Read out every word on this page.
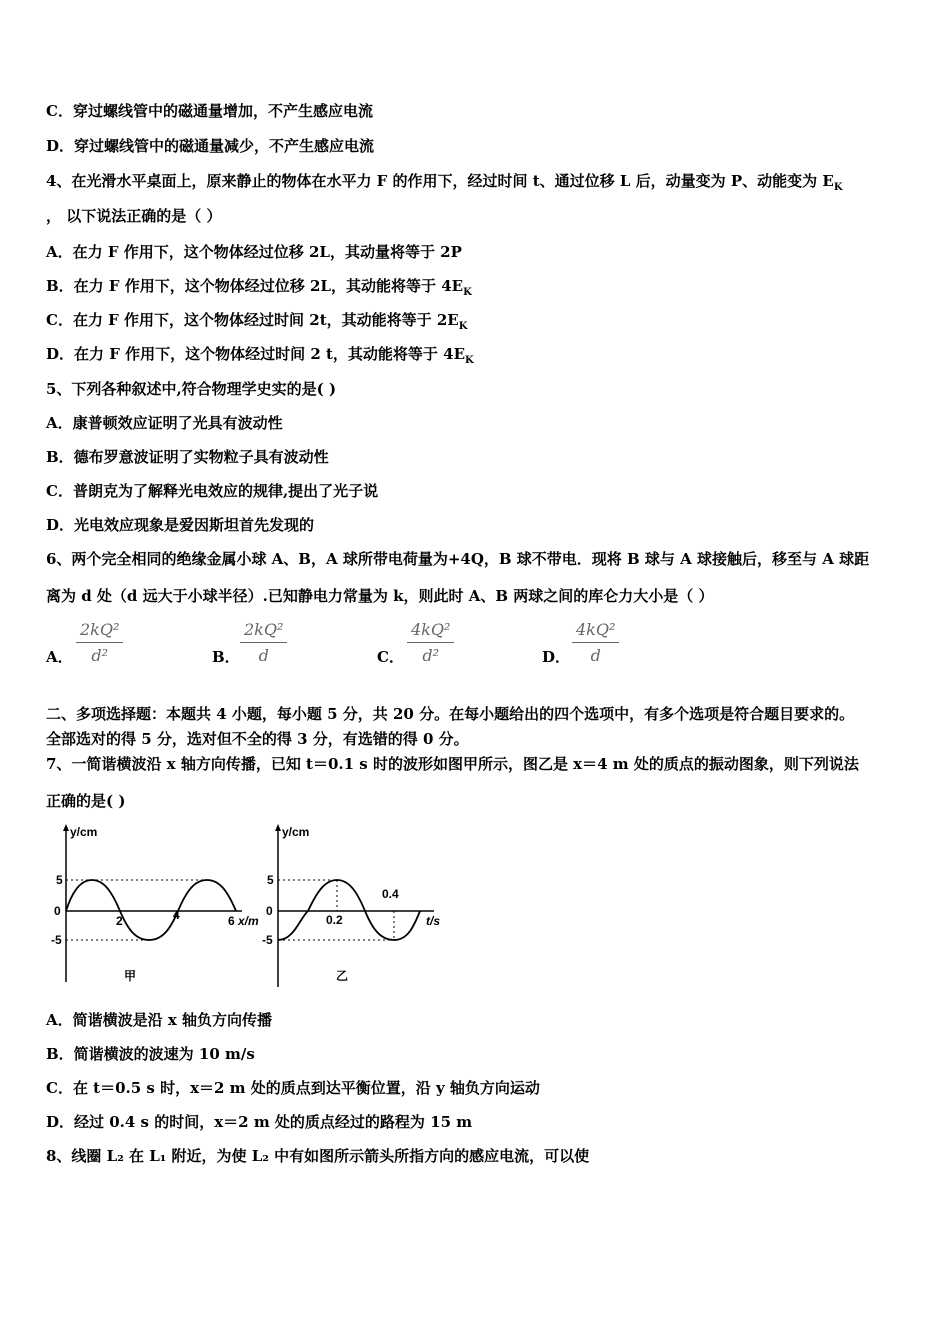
C．穿过螺线管中的磁通量增加，不产生感应电流
D．穿过螺线管中的磁通量减少，不产生感应电流
4、在光滑水平桌面上，原来静止的物体在水平力 F 的作用下，经过时间 t、通过位移 L 后，动量变为 P、动能变为 $E_K$
， 以下说法正确的是（ ）
A．在力 F 作用下，这个物体经过位移 2L，其动量将等于 2P
B．在力 F 作用下，这个物体经过位移 2L，其动能将等于 $4E_K$
C．在力 F 作用下，这个物体经过时间 2t，其动能将等于 $2E_K$
D．在力 F 作用下，这个物体经过时间 2 t，其动能将等于 $4E_K$
5、下列各种叙述中,符合物理学史实的是( )
A．康普顿效应证明了光具有波动性
B．德布罗意波证明了实物粒子具有波动性
C．普朗克为了解释光电效应的规律,提出了光子说
D．光电效应现象是爱因斯坦首先发现的
6、两个完全相同的绝缘金属小球 A、B，A 球所带电荷量为+4Q，B 球不带电．现将 B 球与 A 球接触后，移至与 A 球距
离为 d 处（d 远大于小球半径）.已知静电力常量为 k，则此时 A、B 两球之间的库仑力大小是（ ）
A． $\frac{\text{2kQ²}}{\text{d²}}$	B． $\frac{\text{2kQ²}}{d}$	C． $\frac{\text{4kQ²}}{\text{d²}}$	D． $\frac{\text{4kQ²}}{d}$
二、多项选择题：本题共 4 小题，每小题 5 分，共 20 分。在每小题给出的四个选项中，有多个选项是符合题目要求的。
全部选对的得 5 分，选对但不全的得 3 分，有选错的得 0 分。
7、一简谐横波沿 x 轴方向传播，已知 t＝0.1 s 时的波形如图甲所示，图乙是 x＝4 m 处的质点的振动图象，则下列说法
正确的是( )
y/cm
5
0
-5
2	4	6 x/m
甲
y/cm
5
0
-5
0.2
0.4
t/s
乙
A．简谐横波是沿 x 轴负方向传播
B．简谐横波的波速为 10 m/s
C．在 t＝0.5 s 时，x＝2 m 处的质点到达平衡位置，沿 y 轴负方向运动
D．经过 0.4 s 的时间，x＝2 m 处的质点经过的路程为 15 m
8、线圈 L₂ 在 L₁ 附近，为使 L₂ 中有如图所示箭头所指方向的感应电流，可以使
